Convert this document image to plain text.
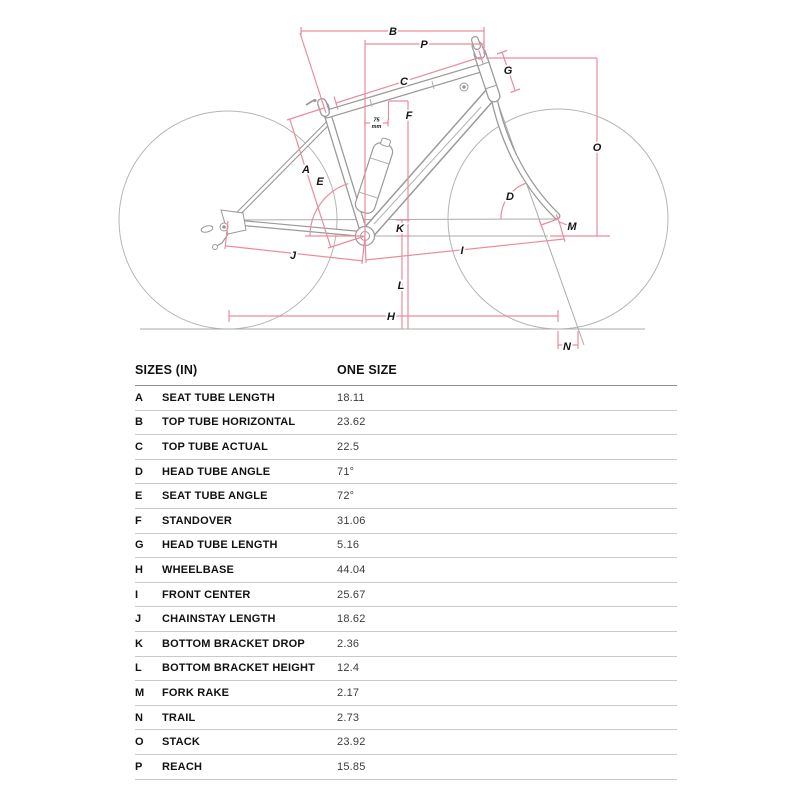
B
P
C
G
O
F
75
mm
A
E
D
M
I
K
L
J
H
N
SIZES (IN)	ONE SIZE
A	SEAT TUBE LENGTH	18.11
B	TOP TUBE HORIZONTAL	23.62
C	TOP TUBE ACTUAL	22.5
D	HEAD TUBE ANGLE	71°
E	SEAT TUBE ANGLE	72°
F	STANDOVER	31.06
G	HEAD TUBE LENGTH	5.16
H	WHEELBASE	44.04
I	FRONT CENTER	25.67
J	CHAINSTAY LENGTH	18.62
K	BOTTOM BRACKET DROP	2.36
L	BOTTOM BRACKET HEIGHT	12.4
M	FORK RAKE	2.17
N	TRAIL	2.73
O	STACK	23.92
P	REACH	15.85
